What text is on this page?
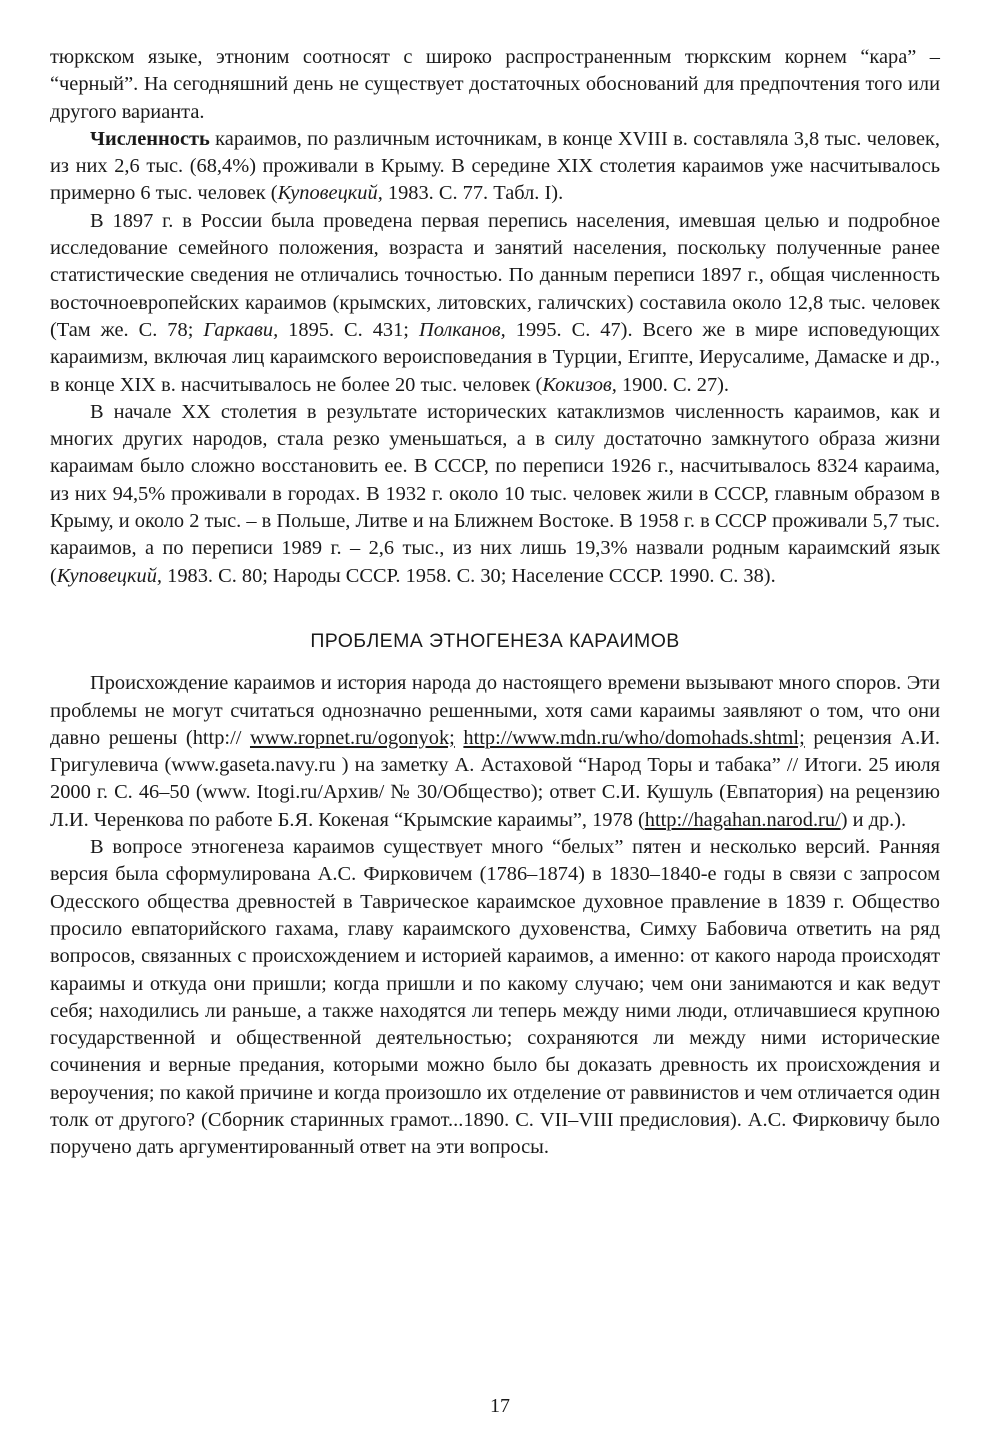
тюркском языке, этноним соотносят с широко распространенным тюркским корнем “кара” – “черный”. На сегодняшний день не существует достаточных обоснований для предпочтения того или другого варианта.

Численность караимов, по различным источникам, в конце XVIII в. составляла 3,8 тыс. человек, из них 2,6 тыс. (68,4%) проживали в Крыму. В середине XIX столетия караимов уже насчитывалось примерно 6 тыс. человек (Куповецкий, 1983. С. 77. Табл. I).

В 1897 г. в России была проведена первая перепись населения, имевшая целью и подробное исследование семейного положения, возраста и занятий населения, поскольку полученные ранее статистические сведения не отличались точностью. По данным переписи 1897 г., общая численность восточноевропейских караимов (крымских, литовских, галичских) составила около 12,8 тыс. человек (Там же. С. 78; Гаркави, 1895. С. 431; Полканов, 1995. С. 47). Всего же в мире исповедующих караимизм, включая лиц караимского вероисповедания в Турции, Египте, Иерусалиме, Дамаске и др., в конце XIX в. насчитывалось не более 20 тыс. человек (Кокизов, 1900. С. 27).

В начале XX столетия в результате исторических катаклизмов численность караимов, как и многих других народов, стала резко уменьшаться, а в силу достаточно замкнутого образа жизни караимам было сложно восстановить ее. В СССР, по переписи 1926 г., насчитывалось 8324 караима, из них 94,5% проживали в городах. В 1932 г. около 10 тыс. человек жили в СССР, главным образом в Крыму, и около 2 тыс. – в Польше, Литве и на Ближнем Востоке. В 1958 г. в СССР проживали 5,7 тыс. караимов, а по переписи 1989 г. – 2,6 тыс., из них лишь 19,3% назвали родным караимский язык (Куповецкий, 1983. С. 80; Народы СССР. 1958. С. 30; Население СССР. 1990. С. 38).

ПРОБЛЕМА ЭТНОГЕНЕЗА КАРАИМОВ

Происхождение караимов и история народа до настоящего времени вызывают много споров. Эти проблемы не могут считаться однозначно решенными, хотя сами караимы заявляют о том, что они давно решены (http:// www.ropnet.ru/ogonyok; http://www.mdn.ru/who/domohads.shtml; рецензия А.И. Григулевича (www.gaseta.navy.ru ) на заметку А. Астаховой “Народ Торы и табака” // Итоги. 25 июля 2000 г. С. 46–50 (www. Itogi.ru/Архив/ № 30/Общество); ответ С.И. Кушуль (Евпатория) на рецензию Л.И. Черенкова по работе Б.Я. Кокеная “Крымские караимы”, 1978 (http://hagahan.narod.ru/) и др.).

В вопросе этногенеза караимов существует много “белых” пятен и несколько версий. Ранняя версия была сформулирована А.С. Фирковичем (1786–1874) в 1830–1840-е годы в связи с запросом Одесского общества древностей в Таврическое караимское духовное правление в 1839 г. Общество просило евпаторийского гахама, главу караимского духовенства, Симху Бабовича ответить на ряд вопросов, связанных с происхождением и историей караимов, а именно: от какого народа происходят караимы и откуда они пришли; когда пришли и по какому случаю; чем они занимаются и как ведут себя; находились ли раньше, а также находятся ли теперь между ними люди, отличавшиеся крупною государственной и общественной деятельностью; сохраняются ли между ними исторические сочинения и верные предания, которыми можно было бы доказать древность их происхождения и вероучения; по какой причине и когда произошло их отделение от раввинистов и чем отличается один толк от другого? (Сборник старинных грамот...1890. С. VII–VIII предисловия). А.С. Фирковичу было поручено дать аргументированный ответ на эти вопросы.

17
